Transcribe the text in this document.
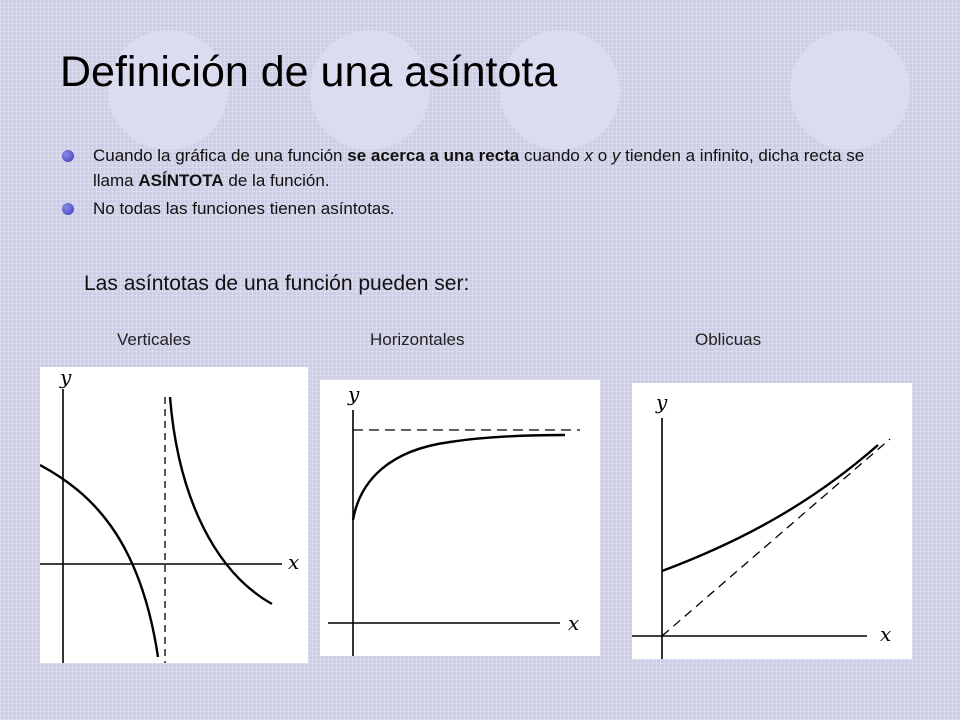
Definición de una asíntota
Cuando la gráfica de una función se acerca a una recta cuando x o y tienden a infinito, dicha recta se llama ASÍNTOTA de la función.
No todas las funciones tienen asíntotas.
Las asíntotas de una función pueden ser:
Verticales	Horizontales	Oblicuas
y
x
y
x
y
x
